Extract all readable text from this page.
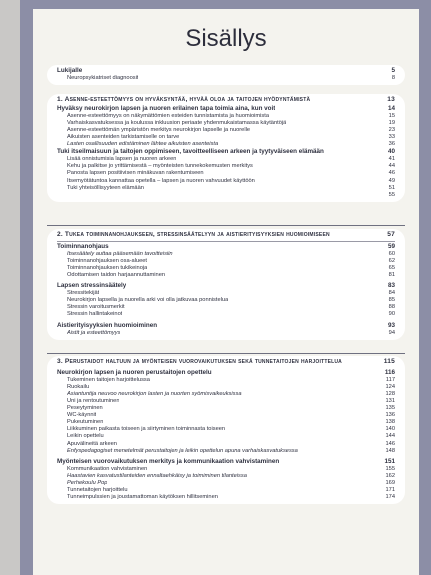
Sisällys
Lukijalle	5
Neuropsykiatriset diagnoosit	8
1. Asenne-esteettömyys on hyväksyntää, hyvää oloa ja taitojen hyödyntämistä	13
Hyväksy neurokirjon lapsen ja nuoren erilainen tapa toimia aina, kun voit	14
Asenne-esteettömyys on näkymättömien esteiden tunnistamista ja huomioimista	15
Varhaiskasvatuksessa ja koulussa inkluusion periaate yhdenmukaistamassa käytäntöjä	19
Asenne-esteettömän ympäristön merkitys neurokirjon lapselle ja nuorelle	23
Aikuisten asenteiden tarkistamiselle on tarve	33
Lasten osallisuuden edistäminen lähtee aikuisten asenteista	36
Tuki itseilmaisuun ja taitojen oppimiseen, tavoitteelliseen arkeen ja tyytyväiseen elämään	40
Lisää onnistumisia lapsen ja nuoren arkeen	41
Kehu ja palkitse jo yrittämisestä – myönteisten tunnekokemusten merkitys	44
Panosta lapsen positiivisen minäkuvan rakentumiseen	46
Itsemyötätuntoa kannattaa opetella – lapsen ja nuoren vahvuudet käyttöön	49
Tuki yhteisöllisyyteen elämään	51
55
2. Tukea toiminnanohjaukseen, stressinsäätelyyn ja aistierityisyyksien huomioimiseen	57
Toiminnanohjaus	59
Itsesäätely auttaa pääsemään tavoitteisiin	60
Toiminnanohjauksen osa-alueet	62
Toiminnanohjauksen tukikeinoja	65
Odottamisen taidon harjaannuttaminen	81
Lapsen stressinsäätely	83
Stressitekijät	84
Neurokirjon lapsella ja nuorella arki voi olla jatkuvaa ponnistelua	85
Stressin varoitusmerkit	88
Stressin hallintakeinot	90
Aistierityisyyksien huomioiminen	93
Aistit ja esteettömyys	94
3. Perustaidot haltuun ja myönteisen vuorovaikutuksen sekä tunnetaitojen harjoittelua	115
Neurokirjon lapsen ja nuoren perustaitojen opettelu	116
Tukeminen taitojen harjoittelussa	117
Ruokailu	124
Asiantuntija neuvoo neurokirjon lasten ja nuorten syömisvaikeuksissa	128
Uni ja rentoutuminen	131
Peseytyminen	135
WC-käynnit	136
Pukeutuminen	138
Liikkuminen paikasta toiseen ja siirtyminen toiminnasta toiseen	140
Leikin opettelu	144
Apuvälineitä arkeen	146
Enfyspedagogiset menetelmät perustaitojen ja leikin opettelun apuna varhaiskasvatuksessa	148
Myönteisen vuorovaikutuksen merkitys ja kommunikaation vahvistaminen	151
Kommunikaation vahvistaminen	155
Haastavien kasvatustilanteiden ennaltaehkäisy ja toimiminen tilanteissa	162
Perhekoulu Pop	169
Tunnetaitojen harjoittelu	171
Tunneimpulssien ja joustamattoman käytöksen hillitseminen	174
